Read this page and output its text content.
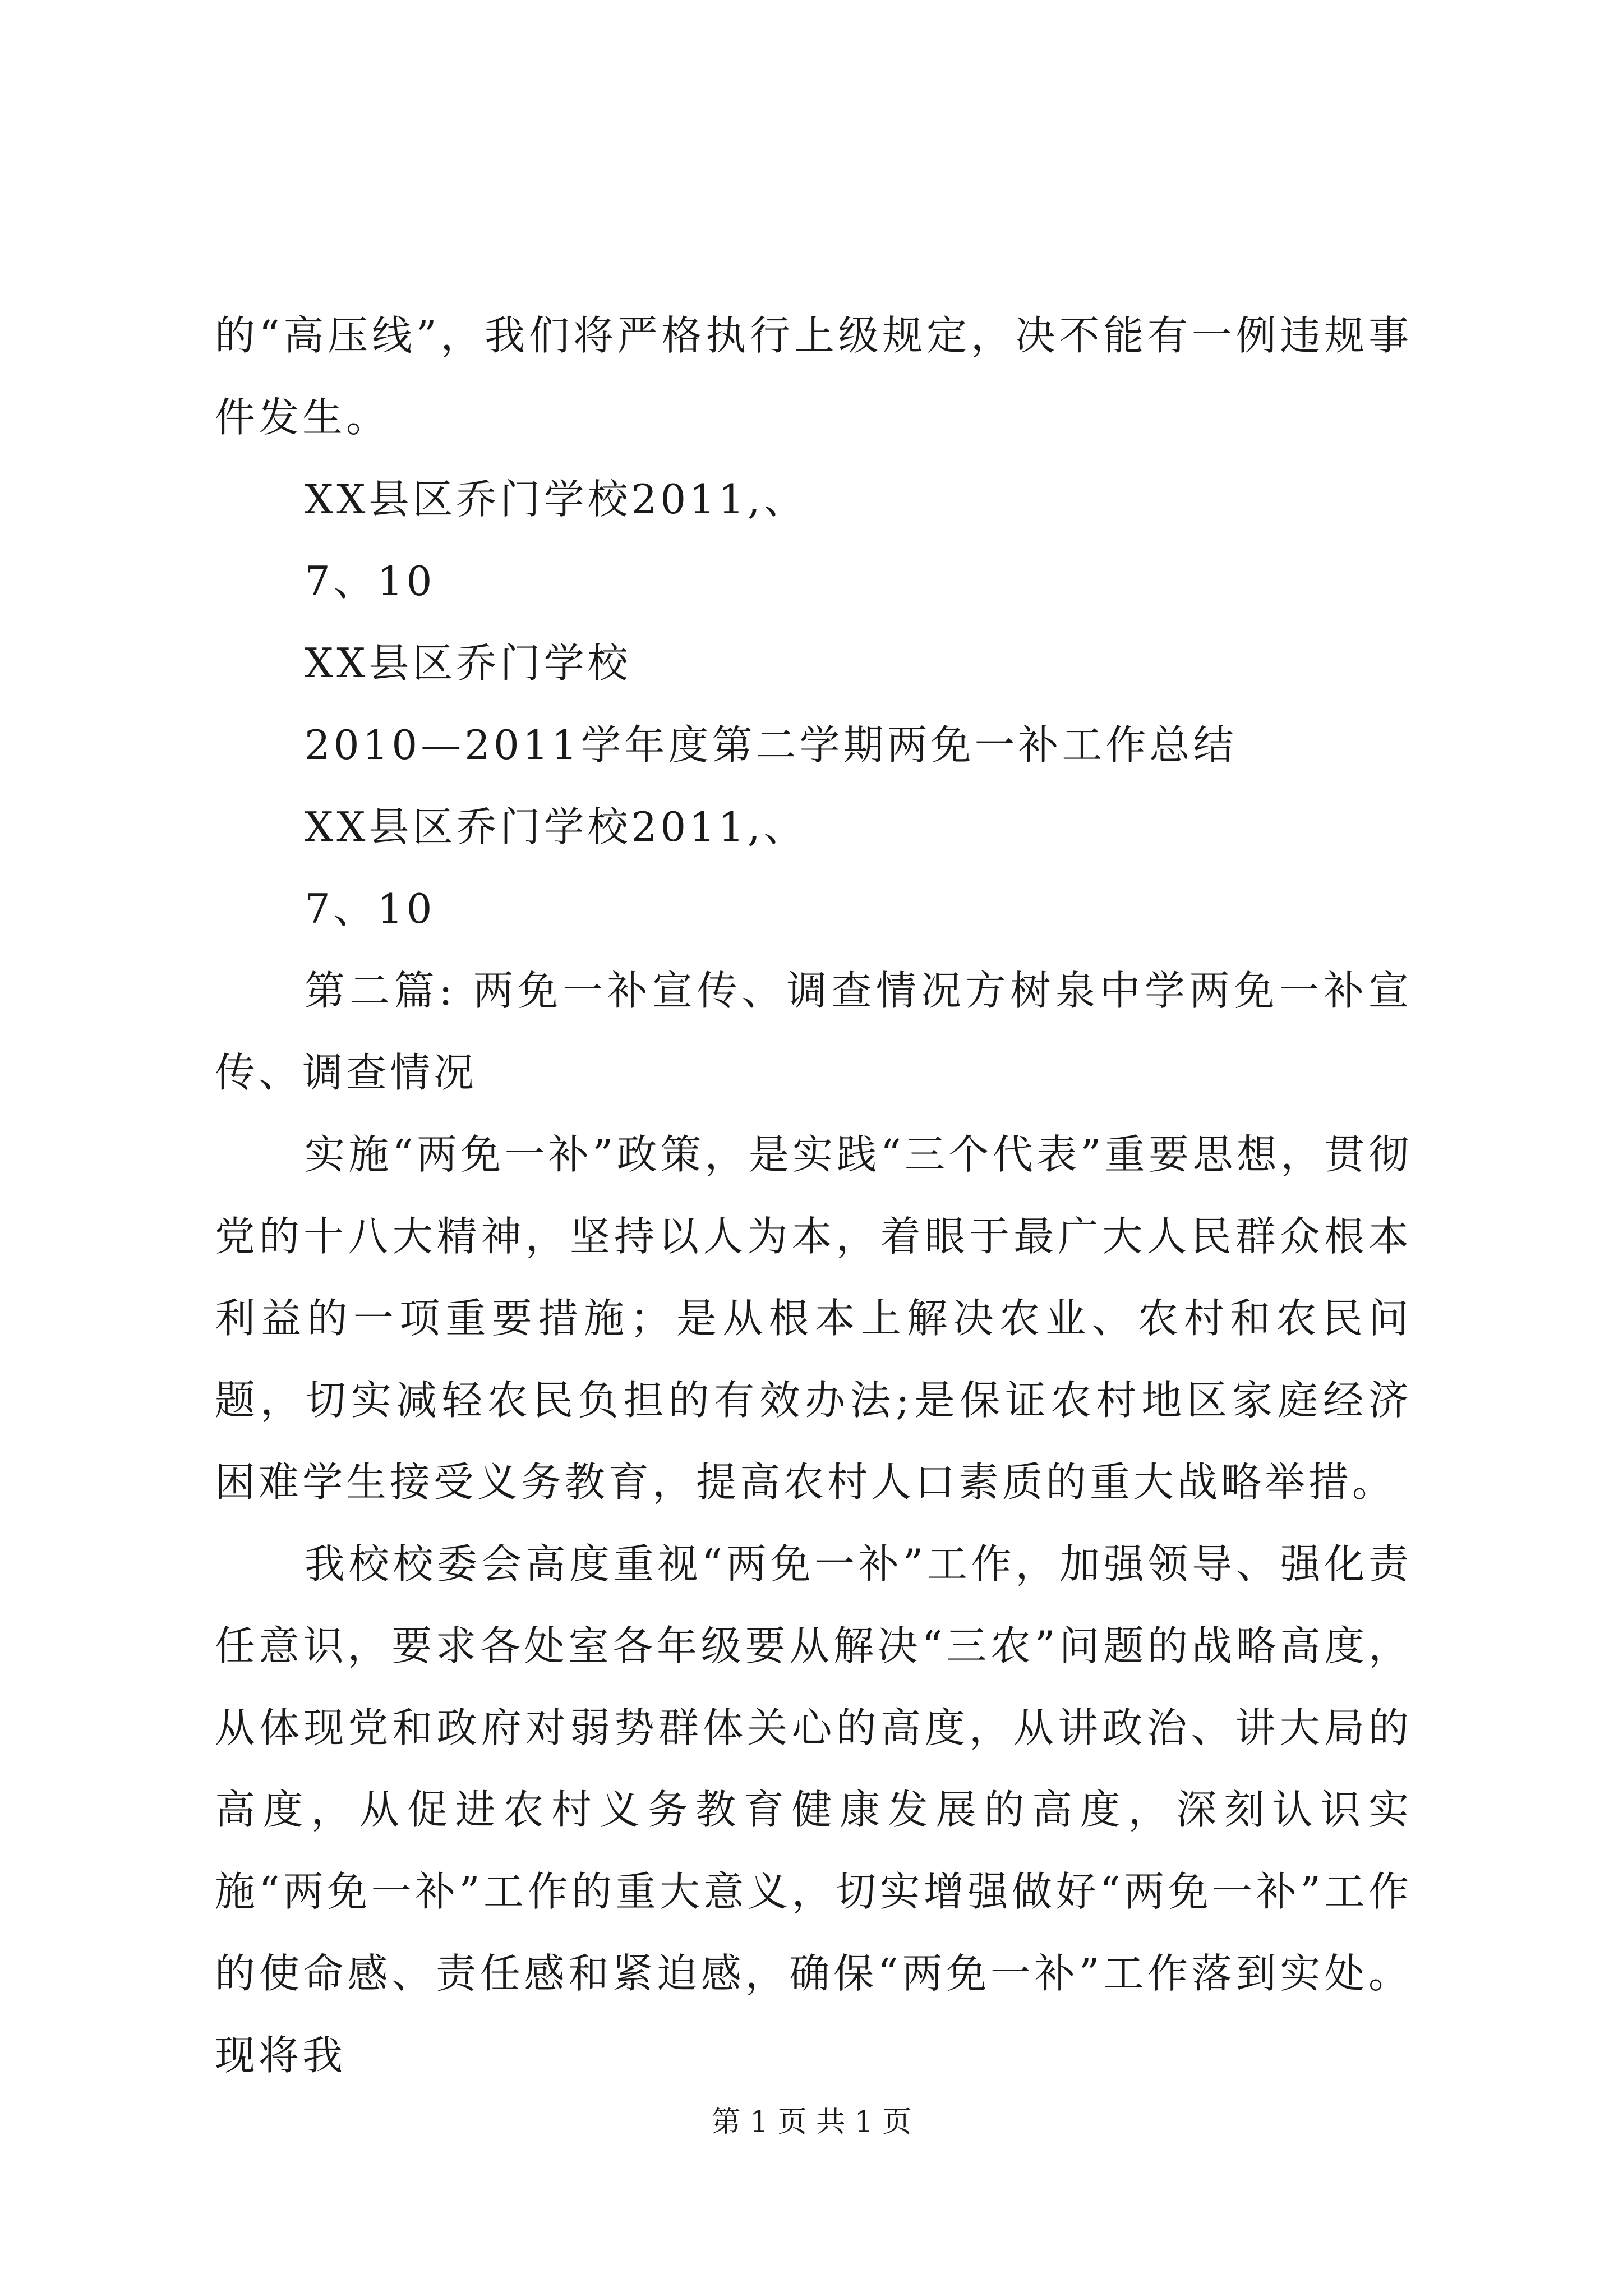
的“高压线”，我们将严格执行上级规定，决不能有一例违规事件发生。

XX县区乔门学校2011,、

7、10

XX县区乔门学校

2010—2011学年度第二学期两免一补工作总结

XX县区乔门学校2011,、

7、10

第二篇: 两免一补宣传、调查情况方树泉中学两免一补宣传、调查情况

实施“两免一补”政策，是实践“三个代表”重要思想，贯彻党的十八大精神，坚持以人为本，着眼于最广大人民群众根本利益的一项重要措施；是从根本上解决农业、农村和农民问题，切实减轻农民负担的有效办法;是保证农村地区家庭经济困难学生接受义务教育，提高农村人口素质的重大战略举措。

我校校委会高度重视“两免一补”工作，加强领导、强化责任意识，要求各处室各年级要从解决“三农”问题的战略高度，从体现党和政府对弱势群体关心的高度，从讲政治、讲大局的高度，从促进农村义务教育健康发展的高度，深刻认识实施“两免一补”工作的重大意义，切实增强做好“两免一补”工作的使命感、责任感和紧迫感，确保“两免一补”工作落到实处。现将我

第 1 页 共 1 页
